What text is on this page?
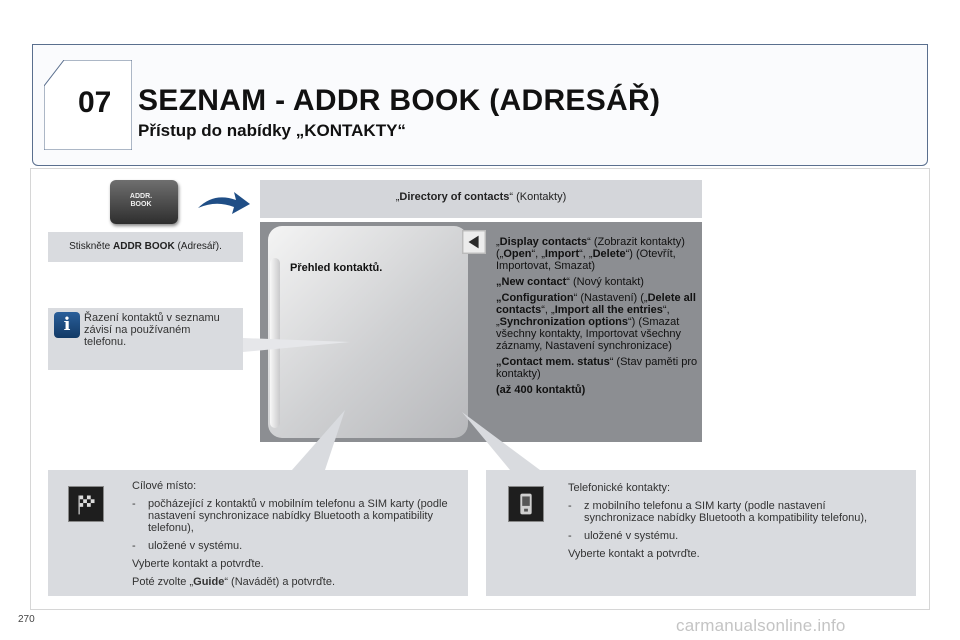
07 SEZNAM - ADDR BOOK (ADRESÁŘ)
Přístup do nabídky „KONTAKTY“
ADDR.
BOOK
Stiskněte ADDR BOOK (Adresář).
i	Řazení kontaktů v seznamu závisí na používaném telefonu.
„Directory of contacts“ (Kontakty)
Přehled kontaktů.
„Display contacts“ (Zobrazit kontakty) („Open“, „Import“, „Delete“) (Otevřít, Importovat, Smazat)
„New contact“ (Nový kontakt)
„Configuration“ (Nastavení) („Delete all contacts“, „Import all the entries“, „Synchronization options“) (Smazat všechny kontakty, Importovat všechny záznamy, Nastavení synchronizace)
„Contact mem. status“ (Stav paměti pro kontakty)
(až 400 kontaktů)
Cílové místo:
- počházející z kontaktů v mobilním telefonu a SIM karty (podle nastavení synchronizace nabídky Bluetooth a kompatibility telefonu),
- uložené v systému.
Vyberte kontakt a potvrďte.
Poté zvolte „Guide“ (Navádět) a potvrďte.
Telefonické kontakty:
- z mobilního telefonu a SIM karty (podle nastavení synchronizace nabídky Bluetooth a kompatibility telefonu),
- uložené v systému.
Vyberte kontakt a potvrďte.
270	carmanualsonline.info
